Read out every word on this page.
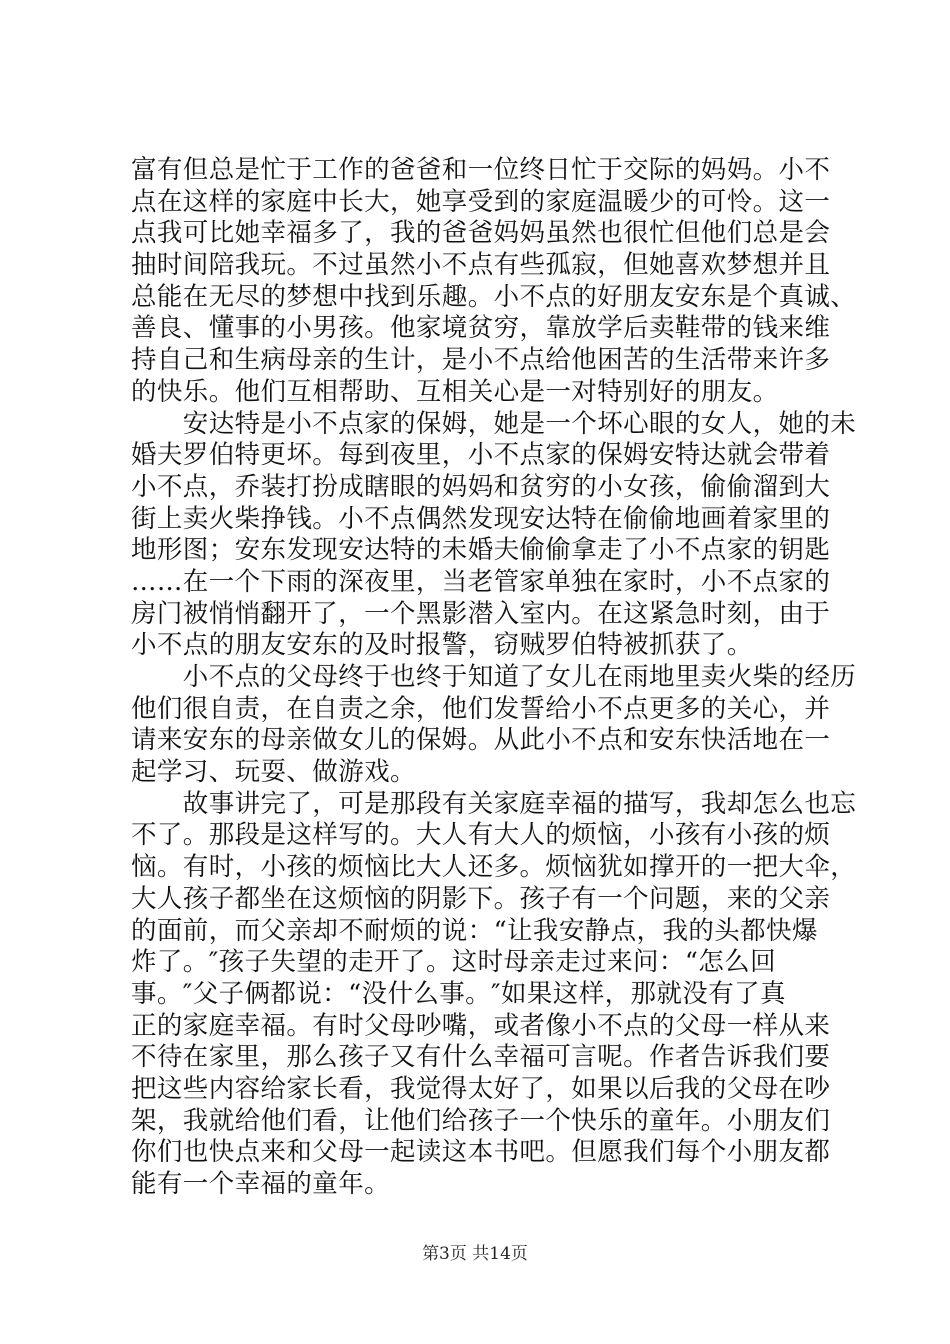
富有但总是忙于工作的爸爸和一位终日忙于交际的妈妈。小不
点在这样的家庭中长大，她享受到的家庭温暖少的可怜。这一
点我可比她幸福多了，我的爸爸妈妈虽然也很忙但他们总是会
抽时间陪我玩。不过虽然小不点有些孤寂，但她喜欢梦想并且
总能在无尽的梦想中找到乐趣。小不点的好朋友安东是个真诚、
善良、懂事的小男孩。他家境贫穷，靠放学后卖鞋带的钱来维
持自己和生病母亲的生计，是小不点给他困苦的生活带来许多
的快乐。他们互相帮助、互相关心是一对特别好的朋友。
　　安达特是小不点家的保姆，她是一个坏心眼的女人，她的未
婚夫罗伯特更坏。每到夜里，小不点家的保姆安特达就会带着
小不点，乔装打扮成瞎眼的妈妈和贫穷的小女孩，偷偷溜到大
街上卖火柴挣钱。小不点偶然发现安达特在偷偷地画着家里的
地形图；安东发现安达特的未婚夫偷偷拿走了小不点家的钥匙
……在一个下雨的深夜里，当老管家单独在家时，小不点家的
房门被悄悄翻开了，一个黑影潜入室内。在这紧急时刻，由于
小不点的朋友安东的及时报警，窃贼罗伯特被抓获了。
　　小不点的父母终于也终于知道了女儿在雨地里卖火柴的经历
他们很自责，在自责之余，他们发誓给小不点更多的关心，并
请来安东的母亲做女儿的保姆。从此小不点和安东快活地在一
起学习、玩耍、做游戏。
　　故事讲完了，可是那段有关家庭幸福的描写，我却怎么也忘
不了。那段是这样写的。大人有大人的烦恼，小孩有小孩的烦
恼。有时，小孩的烦恼比大人还多。烦恼犹如撑开的一把大伞，
大人孩子都坐在这烦恼的阴影下。孩子有一个问题，来的父亲
的面前，而父亲却不耐烦的说：“让我安静点，我的头都快爆
炸了。″孩子失望的走开了。这时母亲走过来问：“怎么回
事。″父子俩都说：“没什么事。″如果这样，那就没有了真
正的家庭幸福。有时父母吵嘴，或者像小不点的父母一样从来
不待在家里，那么孩子又有什么幸福可言呢。作者告诉我们要
把这些内容给家长看，我觉得太好了，如果以后我的父母在吵
架，我就给他们看，让他们给孩子一个快乐的童年。小朋友们
你们也快点来和父母一起读这本书吧。但愿我们每个小朋友都
能有一个幸福的童年。
第3页 共14页
